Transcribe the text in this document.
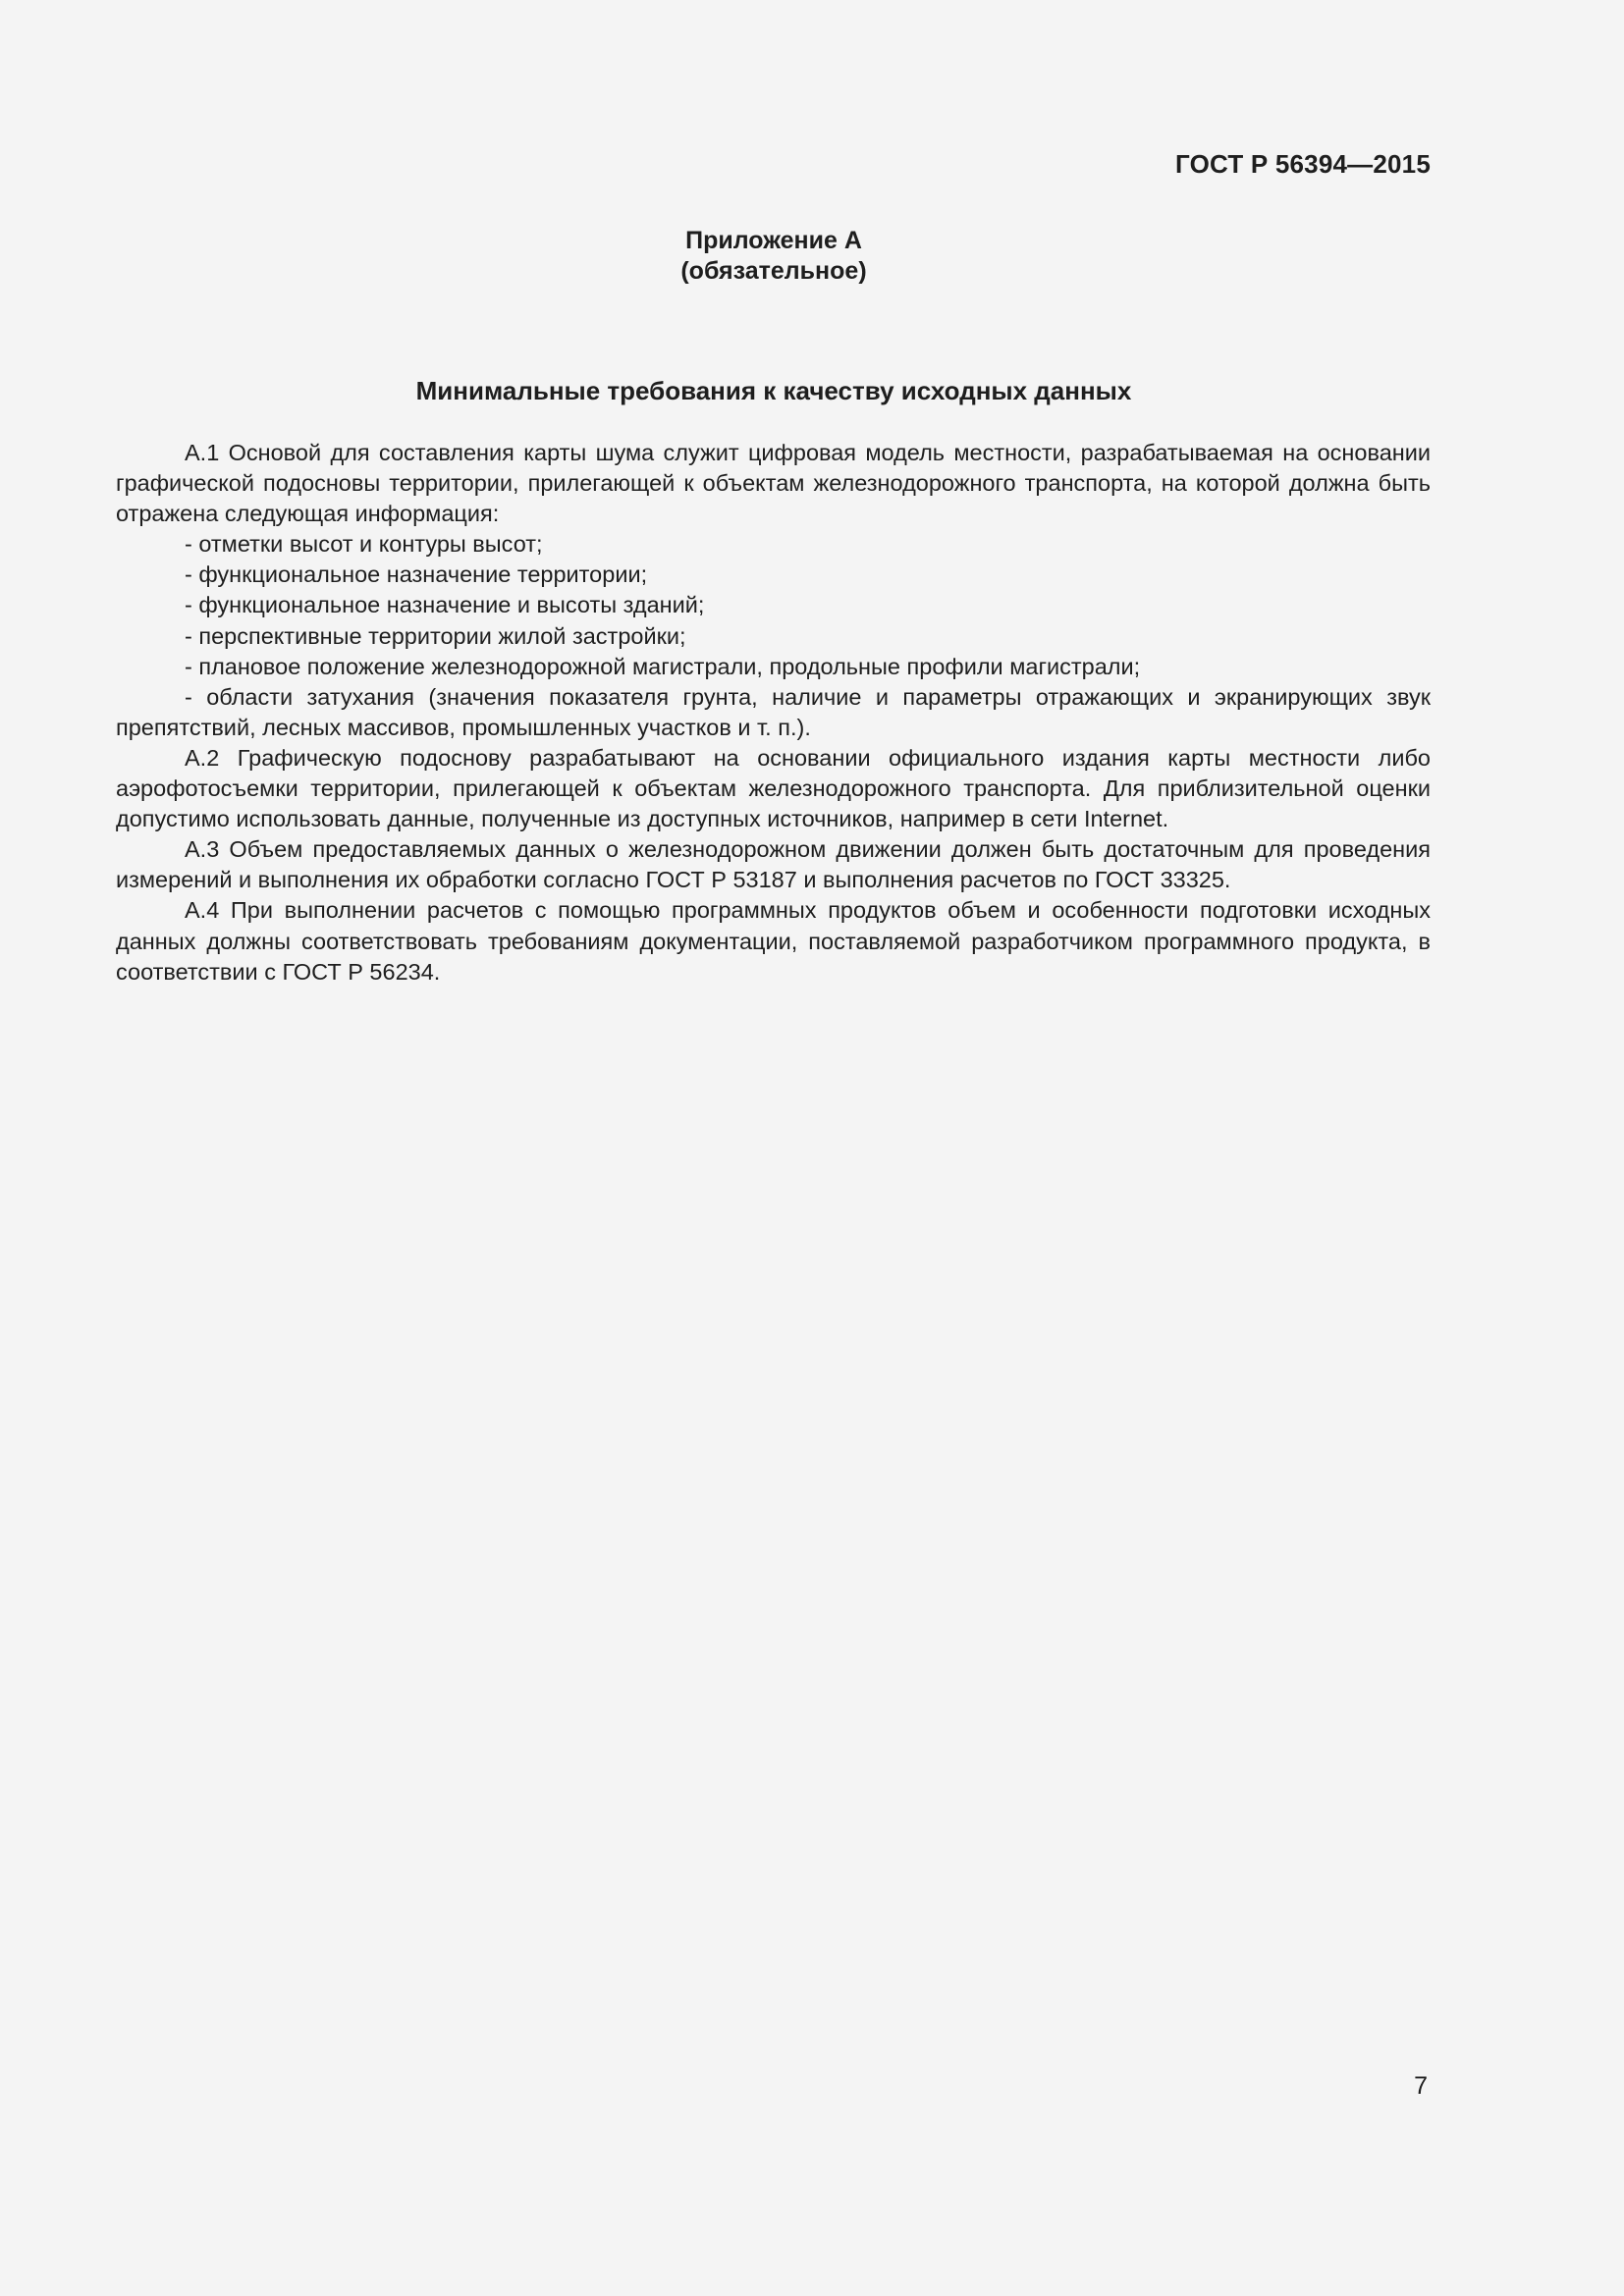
ГОСТ Р 56394—2015
Приложение А
(обязательное)
Минимальные требования к качеству исходных данных

А.1 Основой для составления карты шума служит цифровая модель местности, разрабатываемая на основании графической подосновы территории, прилегающей к объектам железнодорожного транспорта, на которой должна быть отражена следующая информация:

- отметки высот и контуры высот;
- функциональное назначение территории;
- функциональное назначение и высоты зданий;
- перспективные территории жилой застройки;
- плановое положение железнодорожной магистрали, продольные профили магистрали;
- области затухания (значения показателя грунта, наличие и параметры отражающих и экранирующих звук препятствий, лесных массивов, промышленных участков и т. п.).

А.2 Графическую подоснову разрабатывают на основании официального издания карты местности либо аэрофотосъемки территории, прилегающей к объектам железнодорожного транспорта. Для приблизительной оценки допустимо использовать данные, полученные из доступных источников, например в сети Internet.

А.3 Объем предоставляемых данных о железнодорожном движении должен быть достаточным для проведения измерений и выполнения их обработки согласно ГОСТ Р 53187 и выполнения расчетов по ГОСТ 33325.

А.4 При выполнении расчетов с помощью программных продуктов объем и особенности подготовки исходных данных должны соответствовать требованиям документации, поставляемой разработчиком программного продукта, в соответствии с ГОСТ Р 56234.

7
